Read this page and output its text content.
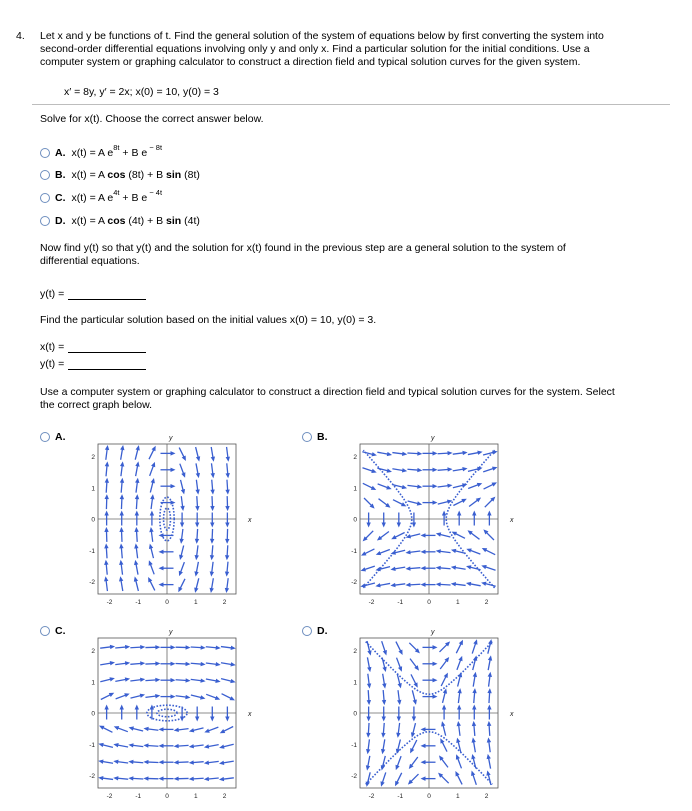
4. Let x and y be functions of t. Find the general solution of the system of equations below by first converting the system into
second-order differential equations involving only y and only x. Find a particular solution for the initial conditions. Use a
computer system or graphing calculator to construct a direction field and typical solution curves for the given system.
x′ = 8y, y′ = 2x; x(0) = 10, y(0) = 3
Solve for x(t). Choose the correct answer below.
A. x(t) = A $e^{8t} + B$ e $^{- 8t}$
B. x(t) = A cos (8t) + B sin (8t)
C. x(t) = A $e^{4t} + B$ e $^{- 4t}$
D. x(t) = A cos (4t) + B sin (4t)
Now find y(t) so that y(t) and the solution for x(t) found in the previous step are a general solution to the system of
differential equations.
y(t) =
Find the particular solution based on the initial values x(0) = 10, y(0) = 3.
x(t) =
y(t) =
Use a computer system or graphing calculator to construct a direction field and typical solution curves for the system. Select
the correct graph below.
A.	B.
C.	D.
-2
-2
-1
-1
0
0
1
1
2
2
x
y
-2
-2
-1
-1
0
0
1
1
2
2
x
y
-2
-2
-1
-1
0
0
1
1
2
2
x
y
-2
-2
-1
-1
0
0
1
1
2
2
x
y
